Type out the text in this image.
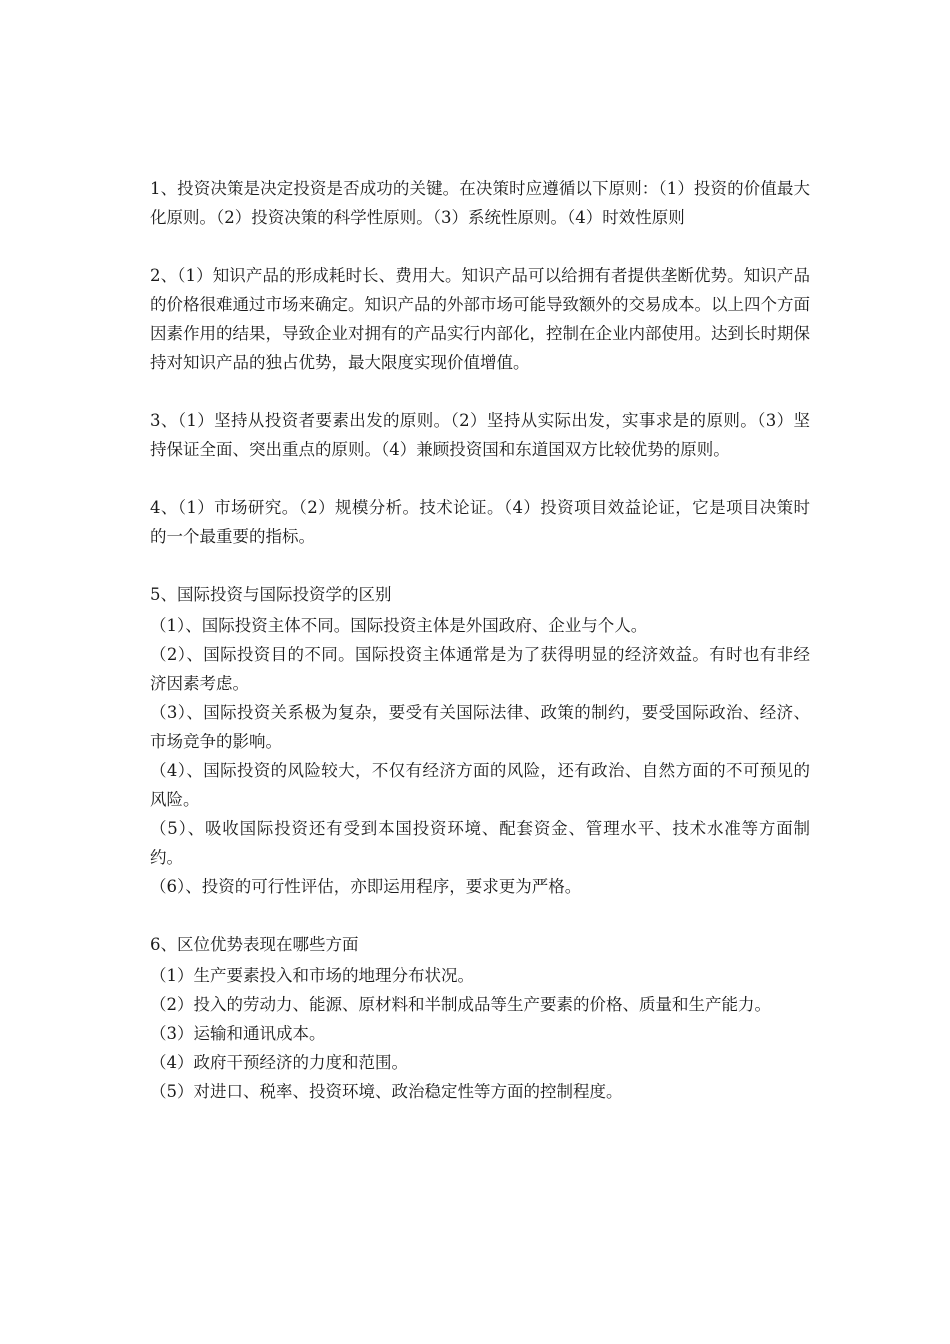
1、投资决策是决定投资是否成功的关键。在决策时应遵循以下原则：（1）投资的价值最大化原则。（2）投资决策的科学性原则。（3）系统性原则。（4）时效性原则

2、（1）知识产品的形成耗时长、费用大。知识产品可以给拥有者提供垄断优势。知识产品的价格很难通过市场来确定。知识产品的外部市场可能导致额外的交易成本。以上四个方面因素作用的结果，导致企业对拥有的产品实行内部化，控制在企业内部使用。达到长时期保持对知识产品的独占优势，最大限度实现价值增值。

3、（1）坚持从投资者要素出发的原则。（2）坚持从实际出发，实事求是的原则。（3）坚持保证全面、突出重点的原则。（4）兼顾投资国和东道国双方比较优势的原则。

4、（1）市场研究。（2）规模分析。技术论证。（4）投资项目效益论证，它是项目决策时的一个最重要的指标。

5、国际投资与国际投资学的区别

（1）、国际投资主体不同。国际投资主体是外国政府、企业与个人。

（2）、国际投资目的不同。国际投资主体通常是为了获得明显的经济效益。有时也有非经济因素考虑。

（3）、国际投资关系极为复杂，要受有关国际法律、政策的制约，要受国际政治、经济、市场竞争的影响。

（4）、国际投资的风险较大，不仅有经济方面的风险，还有政治、自然方面的不可预见的风险。

（5）、吸收国际投资还有受到本国投资环境、配套资金、管理水平、技术水准等方面制约。

（6）、投资的可行性评估，亦即运用程序，要求更为严格。

6、区位优势表现在哪些方面

（1）生产要素投入和市场的地理分布状况。

（2）投入的劳动力、能源、原材料和半制成品等生产要素的价格、质量和生产能力。

（3）运输和通讯成本。

（4）政府干预经济的力度和范围。

（5）对进口、税率、投资环境、政治稳定性等方面的控制程度。
